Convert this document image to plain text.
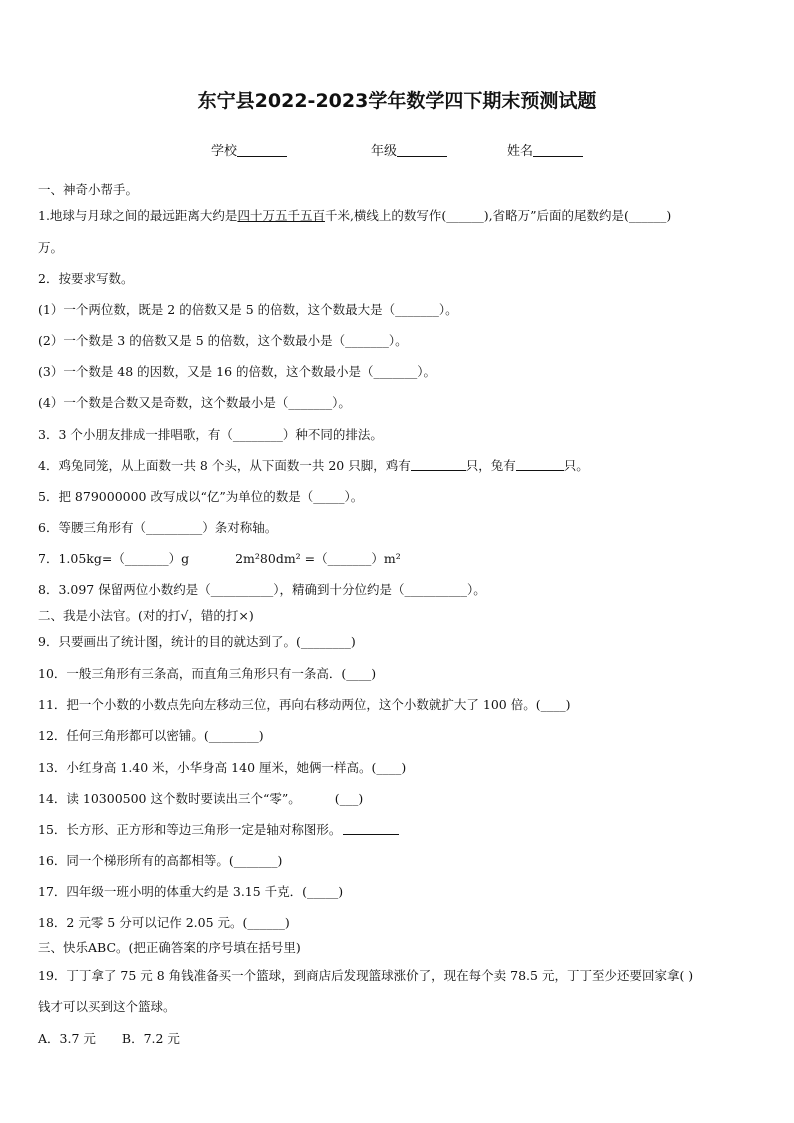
东宁县2022-2023学年数学四下期末预测试题
学校	年级	姓名
一、神奇小帮手。
1.地球与月球之间的最远距离大约是四十万五千五百千米,横线上的数写作(______),省略万”后面的尾数约是(______)
万。
2．按要求写数。
(1）一个两位数，既是 2 的倍数又是 5 的倍数，这个数最大是（_______）。
(2）一个数是 3 的倍数又是 5 的倍数，这个数最小是（_______）。
(3）一个数是 48 的因数，又是 16 的倍数，这个数最小是（_______）。
(4）一个数是合数又是奇数，这个数最小是（_______）。
3．3 个小朋友排成一排唱歌，有（________）种不同的排法。
4．鸡兔同笼，从上面数一共 8 个头，从下面数一共 20 只脚，鸡有	只，兔有	只。
5．把 879000000 改写成以“亿”为单位的数是（_____）。
6．等腰三角形有（_________）条对称轴。
7．1.05kg=（_______）g	2m²80dm² =（_______）m²
8．3.097 保留两位小数约是（__________），精确到十分位约是（__________）。
二、我是小法官。(对的打√，错的打×)
9．只要画出了统计图，统计的目的就达到了。(________)
10．一般三角形有三条高，而直角三角形只有一条高．(____)
11．把一个小数的小数点先向左移动三位，再向右移动两位，这个小数就扩大了 100 倍。(____)
12．任何三角形都可以密铺。(________)
13．小红身高 1.40 米，小华身高 140 厘米，她俩一样高。(____)
14．读 10300500 这个数时要读出三个“零”。	(___)
15．长方形、正方形和等边三角形一定是轴对称图形。
16．同一个梯形所有的高都相等。(_______)
17．四年级一班小明的体重大约是 3.15 千克．(_____)
18．2 元零 5 分可以记作 2.05 元。(______)
三、快乐ABC。(把正确答案的序号填在括号里)
19．丁丁拿了 75 元 8 角钱准备买一个篮球，到商店后发现篮球涨价了，现在每个卖 78.5 元，丁丁至少还要回家拿( )
钱才可以买到这个篮球。
A．3.7 元 B．7.2 元
